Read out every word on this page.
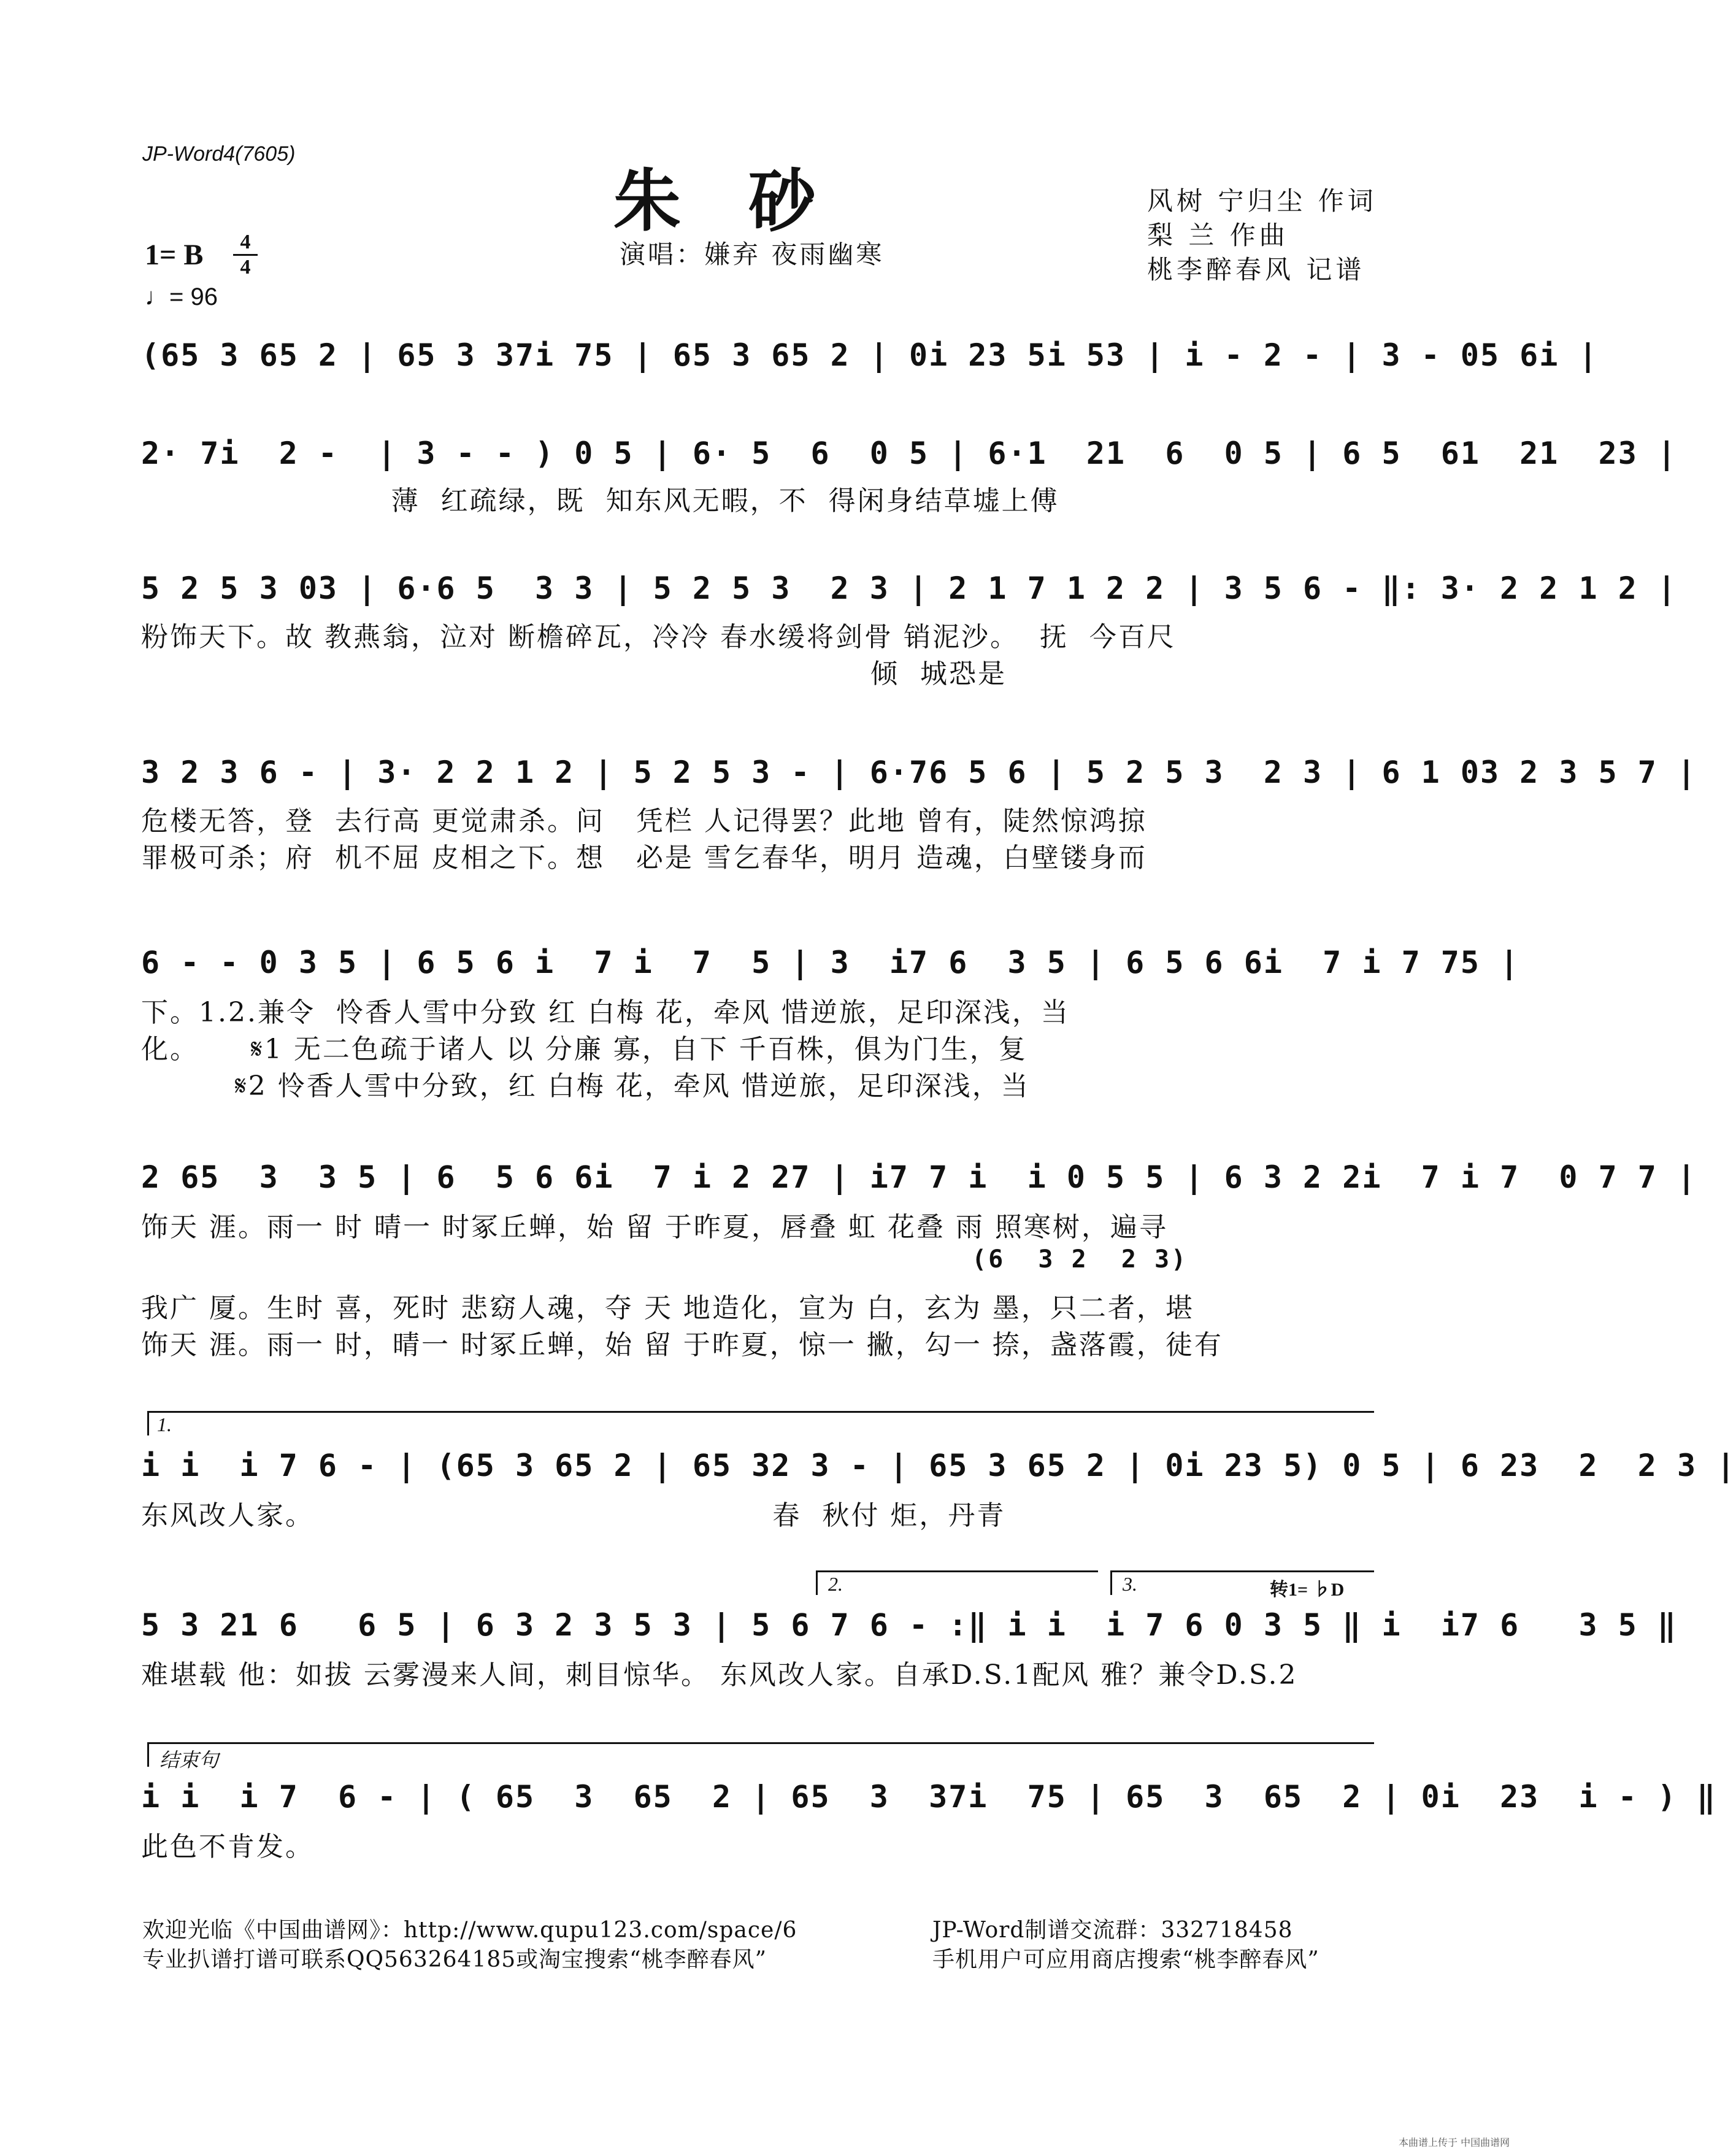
JP-Word4(7605)
朱砂	风树 宁归尘 作词
梨 兰 作曲
桃李醉春风 记谱
1= B	4
4
♩= 96
演唱：嫌弃 夜雨幽寒
(65 3 65 2 | 65 3 37i 75 | 65 3 65 2 | 0i 23 5i 53 | i - 2 - | 3 - 05 6i |
2· 7i  2 -  | 3 - - ) 0 5 | 6· 5  6  0 5 | 6·1  21  6  0 5 | 6 5  61  21  23 |
薄  红疏绿，既  知东风无暇，不  得闲身结草墟上傅
5 2 5 3 03 | 6·6 5  3 3 | 5 2 5 3  2 3 | 2 1 7 1 2 2 | 3 5 6 - ‖: 3· 2 2 1 2 |
粉饰天下。故 教燕翁，泣对 断檐碎瓦，冷冷 春水缓将剑骨 销泥沙。  抚  今百尺
倾  城恐是
3 2 3 6 - | 3· 2 2 1 2 | 5 2 5 3 - | 6·76 5 6 | 5 2 5 3  2 3 | 6 1 03 2 3 5 7 |
危楼无答，登  去行高 更觉肃杀。问   凭栏 人记得罢？此地 曾有，陡然惊鸿掠
罪极可杀；府  机不屈 皮相之下。想   必是 雪乞春华，明月 造魂，白壁镂身而
6 - - 0 3 5 | 6 5 6 i  7 i  7  5 | 3  i7 6  3 5 | 6 5 6 6i  7 i 7 75 |
下。1.2.兼令  怜香人雪中分致 红 白梅 花，牵风 惜逆旅，足印深浅，当
化。     𝄋1 无二色疏于诸人 以 分廉 寡，自下 千百株，俱为门生，复
𝄋2 怜香人雪中分致，红 白梅 花，牵风 惜逆旅，足印深浅，当
2 65  3  3 5 | 6  5 6 6i  7 i 2 27 | i7 7 i  i 0 5 5 | 6 3 2 2i  7 i 7  0 7 7 |
饰天 涯。雨一 时 晴一 时冢丘蝉，始 留 于昨夏，唇叠 虹 花叠 雨 照寒树，遍寻
(6  3 2  2 3)
我广 厦。生时 喜，死时 悲窈人魂，夺 天 地造化，宣为 白，玄为 墨，只二者，堪
饰天 涯。雨一 时，晴一 时冢丘蝉，始 留 于昨夏，惊一 撇，勾一 捺，盏落霞，徒有
1.
i i  i 7 6 - | (65 3 65 2 | 65 32 3 - | 65 3 65 2 | 0i 23 5) 0 5 | 6 23  2  2 3 |
东风改人家。                                            春  秋付 炬，丹青
2.	3.	转1= ♭D
5 3 21 6   6 5 | 6 3 2 3 5 3 | 5 6 7 6 - :‖ i i  i 7 6 0 3 5 ‖ i  i7 6   3 5 ‖
难堪载 他：如拔 云雾漫来人间，刺目惊华。 东风改人家。自承D.S.1配风 雅？兼令D.S.2
结束句
i i  i 7  6 - | ( 65  3  65  2 | 65  3  37i  75 | 65  3  65  2 | 0i  23  i - ) ‖
此色不肯发。
欢迎光临《中国曲谱网》：http://www.qupu123.com/space/6
专业扒谱打谱可联系QQ563264185或淘宝搜索“桃李醉春风”
JP-Word制谱交流群：332718458
手机用户可应用商店搜索“桃李醉春风”
本曲谱上传于 中国曲谱网
